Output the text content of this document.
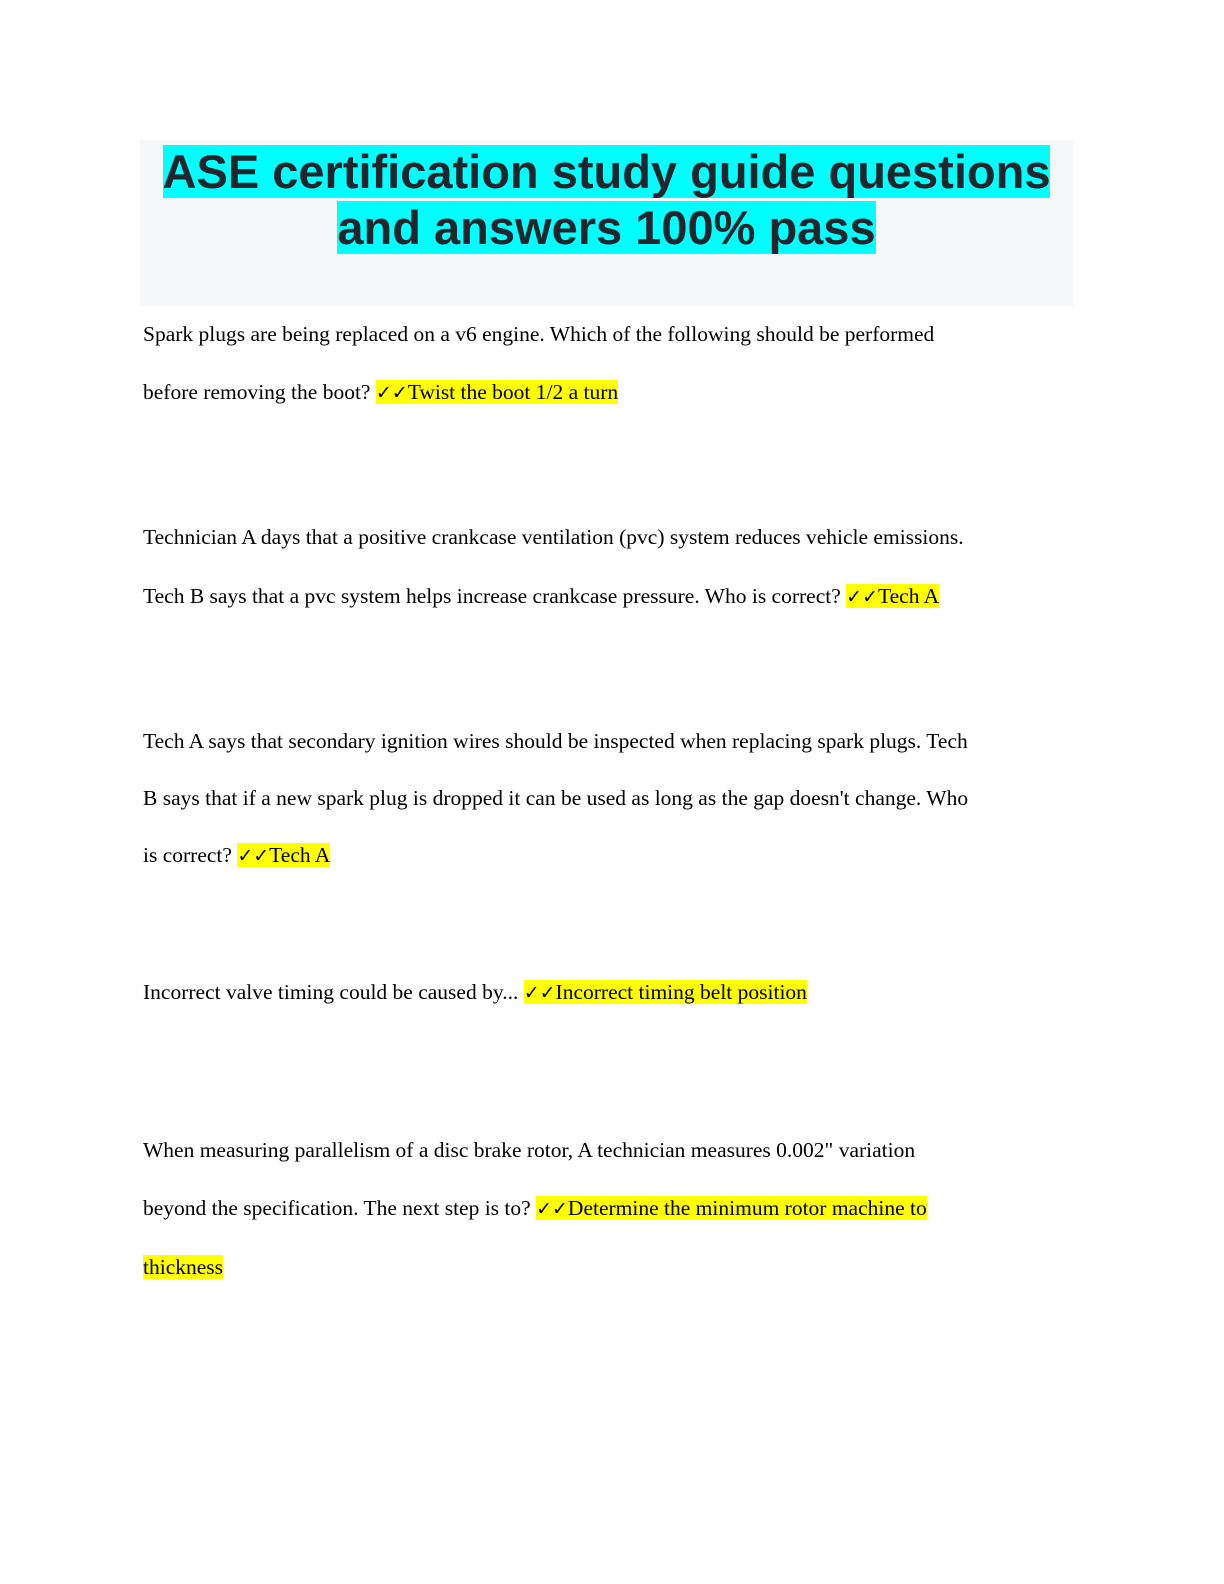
ASE certification study guide questions
and answers 100% pass
Spark plugs are being replaced on a v6 engine. Which of the following should be performed
before removing the boot? ✓✓Twist the boot 1/2 a turn
Technician A days that a positive crankcase ventilation (pvc) system reduces vehicle emissions.
Tech B says that a pvc system helps increase crankcase pressure. Who is correct? ✓✓Tech A
Tech A says that secondary ignition wires should be inspected when replacing spark plugs. Tech
B says that if a new spark plug is dropped it can be used as long as the gap doesn't change. Who
is correct? ✓✓Tech A
Incorrect valve timing could be caused by... ✓✓Incorrect timing belt position
When measuring parallelism of a disc brake rotor, A technician measures 0.002" variation
beyond the specification. The next step is to? ✓✓Determine the minimum rotor machine to
thickness
